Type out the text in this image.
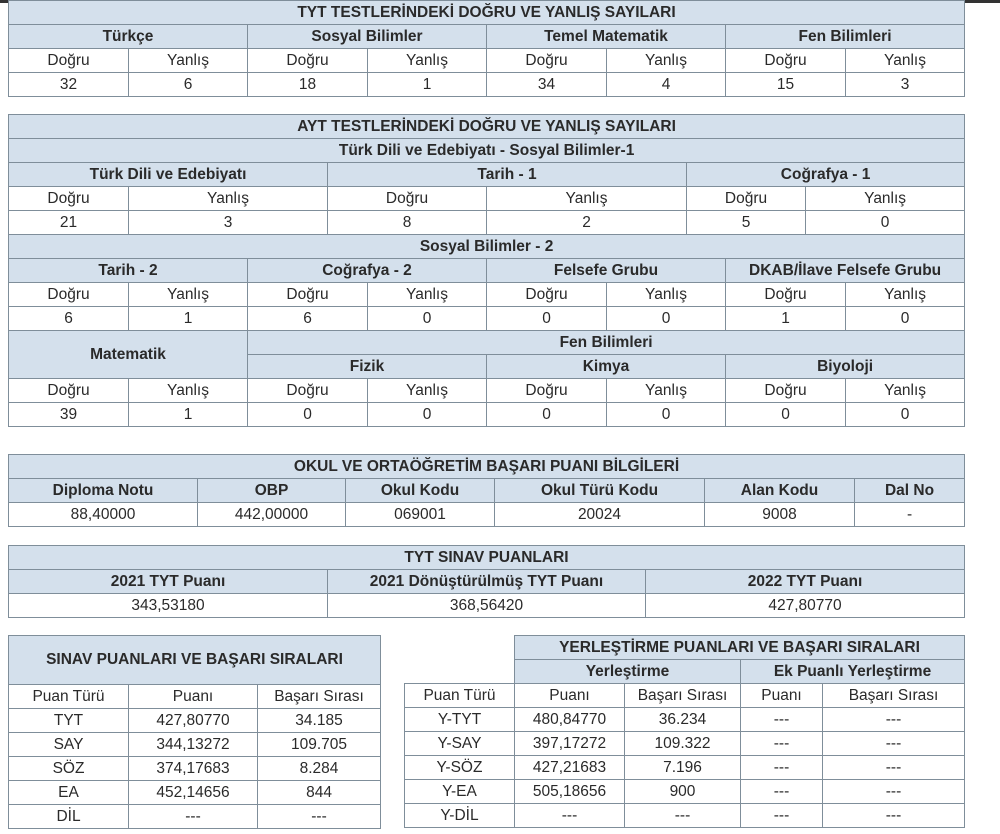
TYT TESTLERİNDEKİ DOĞRU VE YANLIŞ SAYILARI							
Türkçe		Sosyal Bilimler		Temel Matematik		Fen Bilimleri	
Doğru	Yanlış	Doğru	Yanlış	Doğru	Yanlış	Doğru	Yanlış
32	6	18	1	34	4	15	3
AYT TESTLERİNDEKİ DOĞRU VE YANLIŞ SAYILARI										
Türk Dili ve Edebiyatı - Sosyal Bilimler-1										
Türk Dili ve Edebiyatı			Tarih - 1				Coğrafya - 1			
Doğru	Yanlış		Doğru		Yanlış		Doğru		Yanlış	
21	3		8		2		5		0	
Sosyal Bilimler - 2										
Tarih - 2		Coğrafya - 2			Felsefe Grubu			DKAB/İlave Felsefe Grubu		
Doğru	Yanlış	Doğru		Yanlış	Doğru	Yanlış		Doğru		Yanlış
6	1	6		0	0	0		1		0
Matematik		Fen Bilimleri								
		Fizik			Kimya			Biyoloji		
Doğru	Yanlış	Doğru		Yanlış	Doğru	Yanlış		Doğru		Yanlış
39	1	0		0	0	0		0		0
OKUL VE ORTAÖĞRETİM BAŞARI PUANI BİLGİLERİ					
Diploma Notu	OBP	Okul Kodu	Okul Türü Kodu	Alan Kodu	Dal No
88,40000	442,00000	069001	20024	9008	-
TYT SINAV PUANLARI		
2021 TYT Puanı	2021 Dönüştürülmüş TYT Puanı	2022 TYT Puanı
343,53180	368,56420	427,80770
SINAV PUANLARI VE BAŞARI SIRALARI		
Puan Türü	Puanı	Başarı Sırası
TYT	427,80770	34.185
SAY	344,13272	109.705
SÖZ	374,17683	8.284
EA	452,14656	844
DİL	---	---
	YERLEŞTİRME PUANLARI VE BAŞARI SIRALARI			
	Yerleştirme		Ek Puanlı Yerleştirme	
Puan Türü	Puanı	Başarı Sırası	Puanı	Başarı Sırası
Y-TYT	480,84770	36.234	---	---
Y-SAY	397,17272	109.322	---	---
Y-SÖZ	427,21683	7.196	---	---
Y-EA	505,18656	900	---	---
Y-DİL	---	---	---	---
